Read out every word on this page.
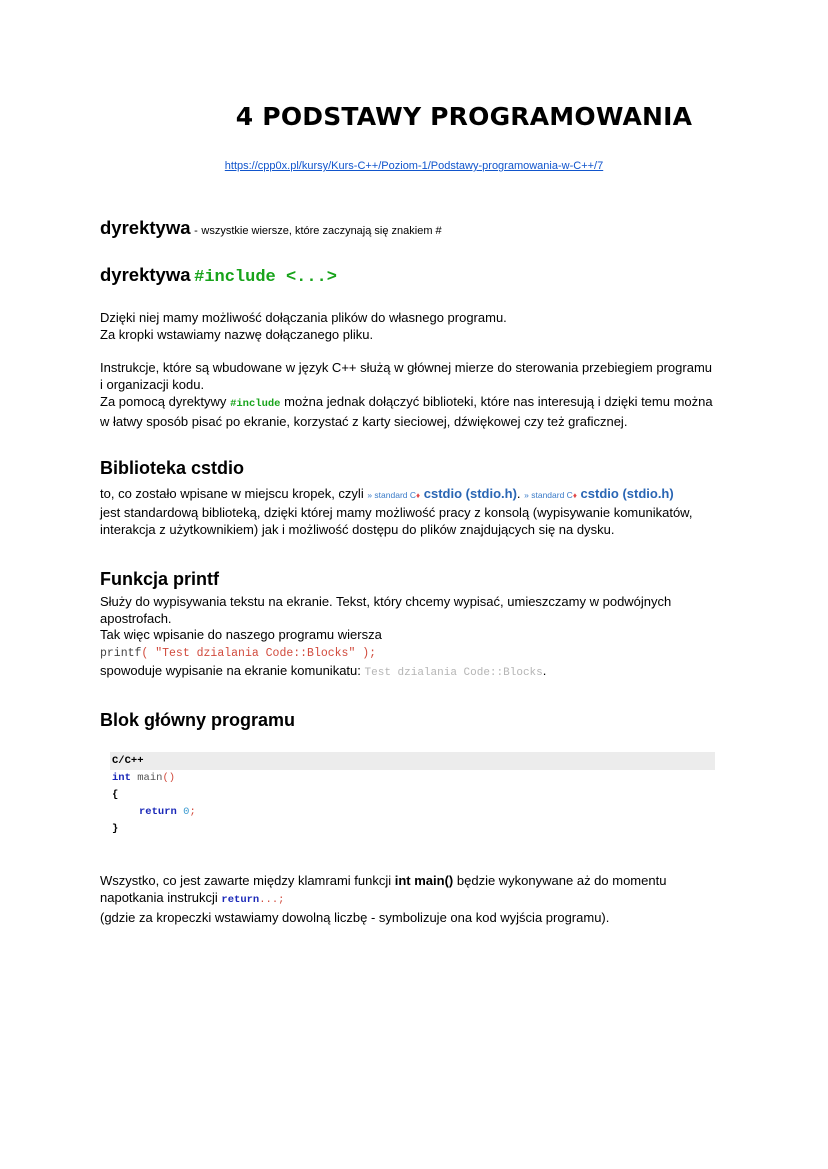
4 PODSTAWY PROGRAMOWANIA
https://cpp0x.pl/kursy/Kurs-C++/Poziom-1/Podstawy-programowania-w-C++/7
dyrektywa - wszystkie wiersze, które zaczynają się znakiem #
dyrektywa #include <...>
Dzięki niej mamy możliwość dołączania plików do własnego programu.
Za kropki wstawiamy nazwę dołączanego pliku.
Instrukcje, które są wbudowane w język C++ służą w głównej mierze do sterowania przebiegiem programu i organizacji kodu.
Za pomocą dyrektywy #include można jednak dołączyć biblioteki, które nas interesują i dzięki temu można w łatwy sposób pisać po ekranie, korzystać z karty sieciowej, dźwiękowej czy też graficznej.
Biblioteka cstdio
to, co zostało wpisane w miejscu kropek, czyli » standard C♦ cstdio (stdio.h). » standard C♦ cstdio (stdio.h)
jest standardową biblioteką, dzięki której mamy możliwość pracy z konsolą (wypisywanie komunikatów, interakcja z użytkownikiem) jak i możliwość dostępu do plików znajdujących się na dysku.
Funkcja printf
Służy do wypisywania tekstu na ekranie. Tekst, który chcemy wypisać, umieszczamy w podwójnych apostrofach.
Tak więc wpisanie do naszego programu wiersza
printf( "Test dzialania Code::Blocks" );
spowoduje wypisanie na ekranie komunikatu: Test dzialania Code::Blocks.
Blok główny programu
C/C++
int main()
{
return 0;
}
Wszystko, co jest zawarte między klamrami funkcji int main() będzie wykonywane aż do momentu napotkania instrukcji return...;
(gdzie za kropeczki wstawiamy dowolną liczbę - symbolizuje ona kod wyjścia programu).
